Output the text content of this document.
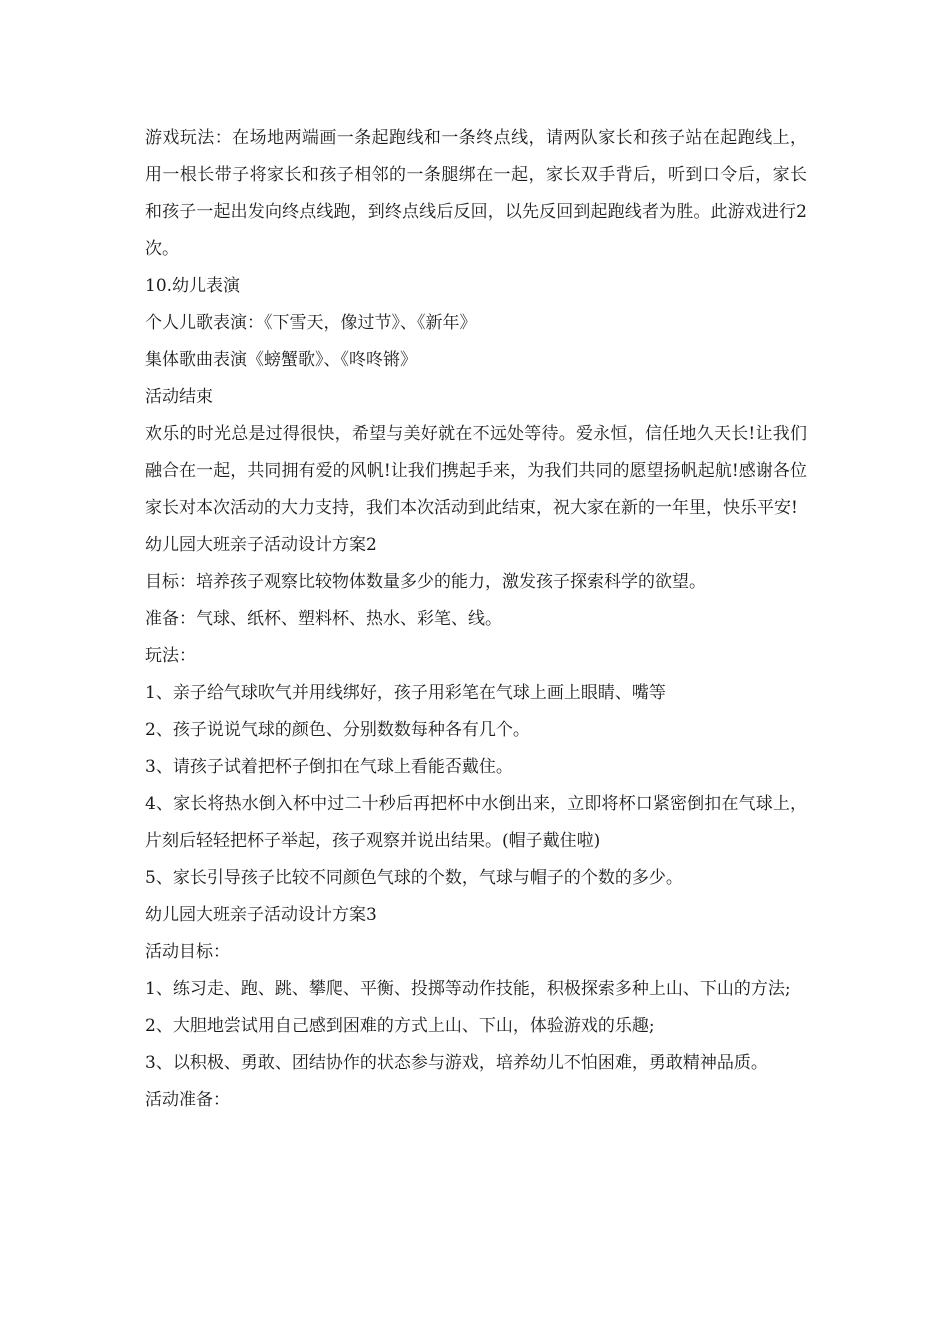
游戏玩法：在场地两端画一条起跑线和一条终点线，请两队家长和孩子站在起跑线上，用一根长带子将家长和孩子相邻的一条腿绑在一起，家长双手背后，听到口令后，家长和孩子一起出发向终点线跑，到终点线后反回，以先反回到起跑线者为胜。此游戏进行2次。

10.幼儿表演

个人儿歌表演：《下雪天，像过节》、《新年》

集体歌曲表演《螃蟹歌》、《咚咚锵》

活动结束

欢乐的时光总是过得很快，希望与美好就在不远处等待。爱永恒，信任地久天长!让我们融合在一起，共同拥有爱的风帆!让我们携起手来，为我们共同的愿望扬帆起航!感谢各位家长对本次活动的大力支持，我们本次活动到此结束，祝大家在新的一年里，快乐平安!

幼儿园大班亲子活动设计方案2

目标：培养孩子观察比较物体数量多少的能力，激发孩子探索科学的欲望。

准备：气球、纸杯、塑料杯、热水、彩笔、线。

玩法：

1、亲子给气球吹气并用线绑好，孩子用彩笔在气球上画上眼睛、嘴等

2、孩子说说气球的颜色、分别数数每种各有几个。

3、请孩子试着把杯子倒扣在气球上看能否戴住。

4、家长将热水倒入杯中过二十秒后再把杯中水倒出来，立即将杯口紧密倒扣在气球上，片刻后轻轻把杯子举起，孩子观察并说出结果。(帽子戴住啦)

5、家长引导孩子比较不同颜色气球的个数，气球与帽子的个数的多少。

幼儿园大班亲子活动设计方案3

活动目标：

1、练习走、跑、跳、攀爬、平衡、投掷等动作技能，积极探索多种上山、下山的方法;

2、大胆地尝试用自己感到困难的方式上山、下山，体验游戏的乐趣;

3、以积极、勇敢、团结协作的状态参与游戏，培养幼儿不怕困难，勇敢精神品质。

活动准备：
